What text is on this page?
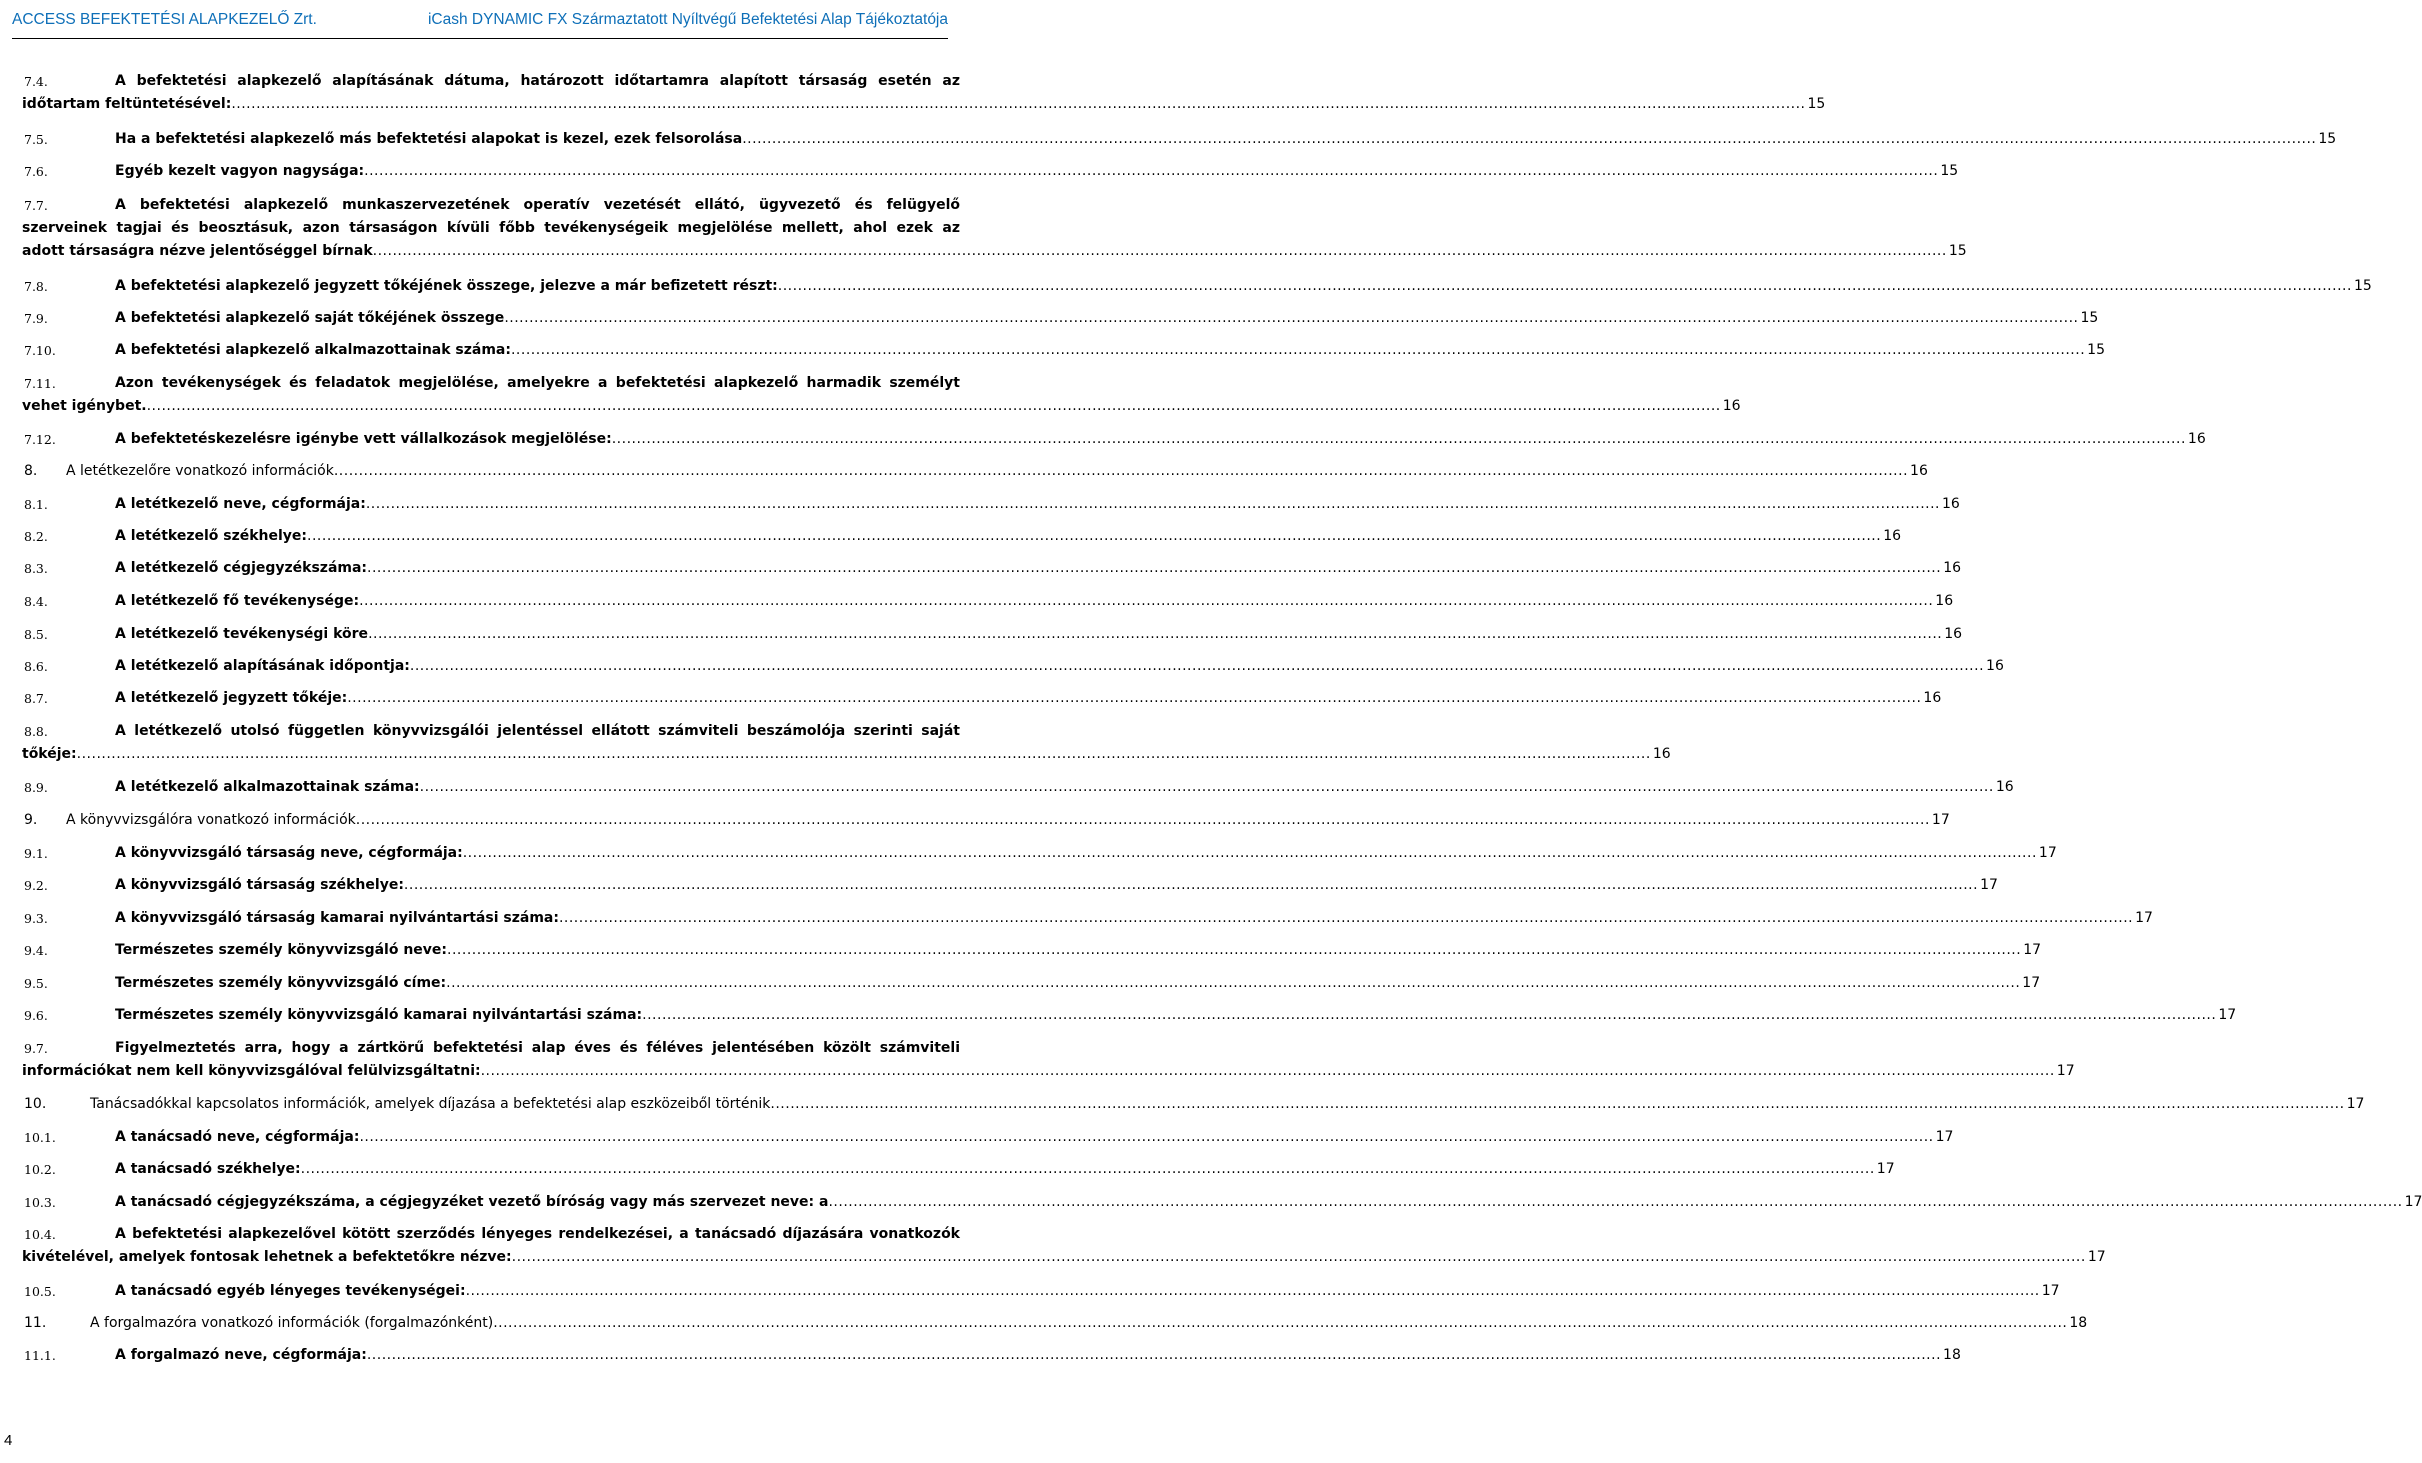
ACCESS BEFEKTETÉSI ALAPKEZELŐ Zrt.	iCash DYNAMIC FX Származtatott Nyíltvégű Befektetési Alap Tájékoztatója
7.4.	A befektetési alapkezelő alapításának dátuma, határozott időtartamra alapított társaság esetén az
időtartam feltüntetésével: .....	15
7.5.	Ha a befektetési alapkezelő más befektetési alapokat is kezel, ezek felsorolása .....	15
7.6.	Egyéb kezelt vagyon nagysága: .....	15
7.7.	A befektetési alapkezelő munkaszervezetének operatív vezetését ellátó, ügyvezető és felügyelő
szerveinek tagjai és beosztásuk, azon társaságon kívüli főbb tevékenységeik megjelölése mellett, ahol ezek az
adott társaságra nézve jelentőséggel bírnak .....	15
7.8.	A befektetési alapkezelő jegyzett tőkéjének összege, jelezve a már befizetett részt: .....	15
7.9.	A befektetési alapkezelő saját tőkéjének összege .....	15
7.10.	A befektetési alapkezelő alkalmazottainak száma: .....	15
7.11.	Azon tevékenységek és feladatok megjelölése, amelyekre a befektetési alapkezelő harmadik személyt
vehet igénybet. .....	16
7.12.	A befektetéskezelésre igénybe vett vállalkozások megjelölése: .....	16
8. A letétkezelőre vonatkozó információk .....	16
8.1.	A letétkezelő neve, cégformája: .....	16
8.2.	A letétkezelő székhelye: .....	16
8.3.	A letétkezelő cégjegyzékszáma: .....	16
8.4.	A letétkezelő fő tevékenysége: .....	16
8.5.	A letétkezelő tevékenységi köre .....	16
8.6.	A letétkezelő alapításának időpontja: .....	16
8.7.	A letétkezelő jegyzett tőkéje: .....	16
8.8.	A letétkezelő utolsó független könyvvizsgálói jelentéssel ellátott számviteli beszámolója szerinti saját
tőkéje: .....	16
8.9.	A letétkezelő alkalmazottainak száma: .....	16
9. A könyvvizsgálóra vonatkozó információk .....	17
9.1.	A könyvvizsgáló társaság neve, cégformája: .....	17
9.2.	A könyvvizsgáló társaság székhelye: .....	17
9.3.	A könyvvizsgáló társaság kamarai nyilvántartási száma: .....	17
9.4.	Természetes személy könyvvizsgáló neve: .....	17
9.5.	Természetes személy könyvvizsgáló címe: .....	17
9.6.	Természetes személy könyvvizsgáló kamarai nyilvántartási száma: .....	17
9.7.	Figyelmeztetés arra, hogy a zártkörű befektetési alap éves és féléves jelentésében közölt számviteli
információkat nem kell könyvvizsgálóval felülvizsgáltatni: .....	17
10.	Tanácsadókkal kapcsolatos információk, amelyek díjazása a befektetési alap eszközeiből történik .....	17
10.1.	A tanácsadó neve, cégformája: .....	17
10.2.	A tanácsadó székhelye: .....	17
10.3.	A tanácsadó cégjegyzékszáma, a cégjegyzéket vezető bíróság vagy más szervezet neve: a .....	17
10.4.	A befektetési alapkezelővel kötött szerződés lényeges rendelkezései, a tanácsadó díjazására vonatkozók
kivételével, amelyek fontosak lehetnek a befektetőkre nézve: .....	17
10.5.	A tanácsadó egyéb lényeges tevékenységei: .....	17
11.	A forgalmazóra vonatkozó információk (forgalmazónként) .....	18
11.1.	A forgalmazó neve, cégformája: .....	18
4
